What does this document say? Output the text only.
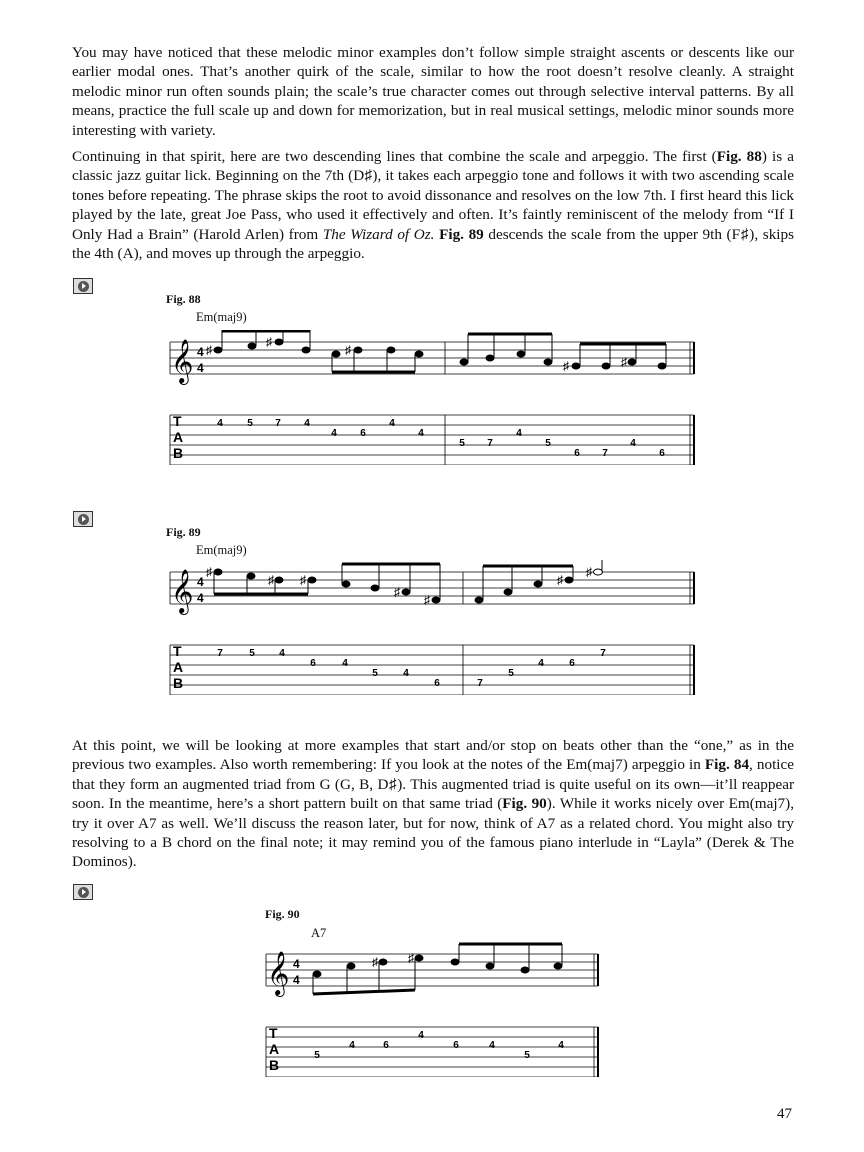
You may have noticed that these melodic minor examples don’t follow simple straight ascents or descents like our earlier modal ones. That’s another quirk of the scale, similar to how the root doesn’t resolve cleanly. A straight melodic minor run often sounds plain; the scale’s true character comes out through selective interval patterns. By all means, practice the full scale up and down for memorization, but in real musical settings, melodic minor sounds more interesting with variety.

Continuing in that spirit, here are two descending lines that combine the scale and arpeggio. The first (Fig. 88) is a classic jazz guitar lick. Beginning on the 7th (D♯), it takes each arpeggio tone and follows it with two ascending scale tones before repeating. The phrase skips the root to avoid dissonance and resolves on the low 7th. I first heard this lick played by the late, great Joe Pass, who used it effectively and often. It’s faintly reminiscent of the melody from “If I Only Had a Brain” (Harold Arlen) from The Wizard of Oz. Fig. 89 descends the scale from the upper 9th (F♯), skips the 4th (A), and moves up through the arpeggio.

Fig. 88
Em(maj9)
𝄞 4
4
♯
♯
♯
♯	♯
T
A
B
4 5 7 4
4 6
4
4
5 7
4
5
6 7
4
6
Fig. 89
Em(maj9)
𝄞 4
4
♯
♯ ♯
♯
♯
♯
♯
T
A
B
7	5 4
6	4
5	4
6	7
5
4	6
7

At this point, we will be looking at more examples that start and/or stop on beats other than the “one,” as in the previous two examples. Also worth remembering: If you look at the notes of the Em(maj7) arpeggio in Fig. 84, notice that they form an augmented triad from G (G, B, D♯). This augmented triad is quite useful on its own—it’ll reappear soon. In the meantime, here’s a short pattern built on that same triad (Fig. 90). While it works nicely over Em(maj7), try it over A7 as well. We’ll discuss the reason later, but for now, think of A7 as a related chord. You might also try resolving to a B chord on the final note; it may remind you of the famous piano interlude in “Layla” (Derek & The Dominos).

Fig. 90
A7
𝄞 4
4
♯	♯
T
A
B
5
4	6
4
6	4
5
4
47
